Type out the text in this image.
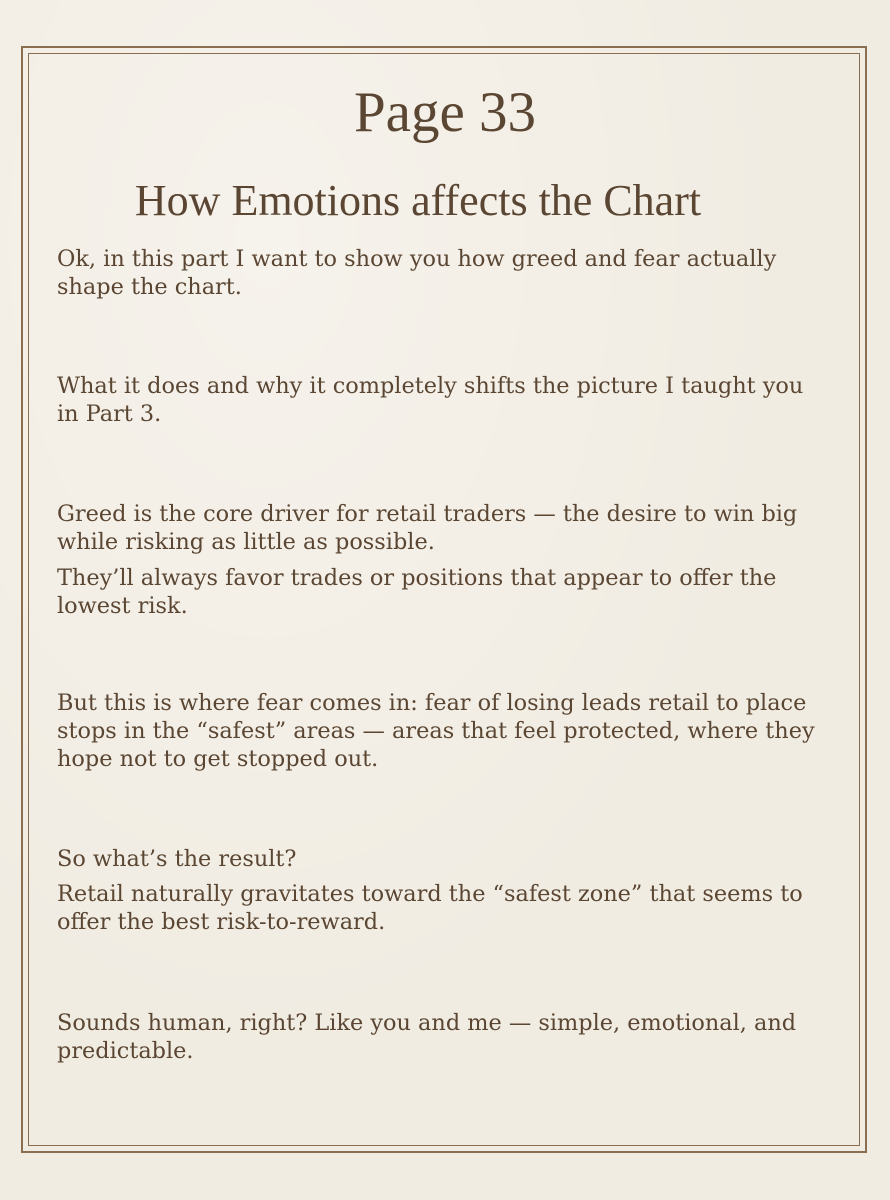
Page 33
How Emotions affects the Chart

Ok, in this part I want to show you how greed and fear actually
shape the chart.

What it does and why it completely shifts the picture I taught you
in Part 3.

Greed is the core driver for retail traders — the desire to win big
while risking as little as possible.

They’ll always favor trades or positions that appear to offer the
lowest risk.

But this is where fear comes in: fear of losing leads retail to place
stops in the “safest” areas — areas that feel protected, where they
hope not to get stopped out.

So what’s the result?

Retail naturally gravitates toward the “safest zone” that seems to
offer the best risk-to-reward.

Sounds human, right? Like you and me — simple, emotional, and
predictable.
